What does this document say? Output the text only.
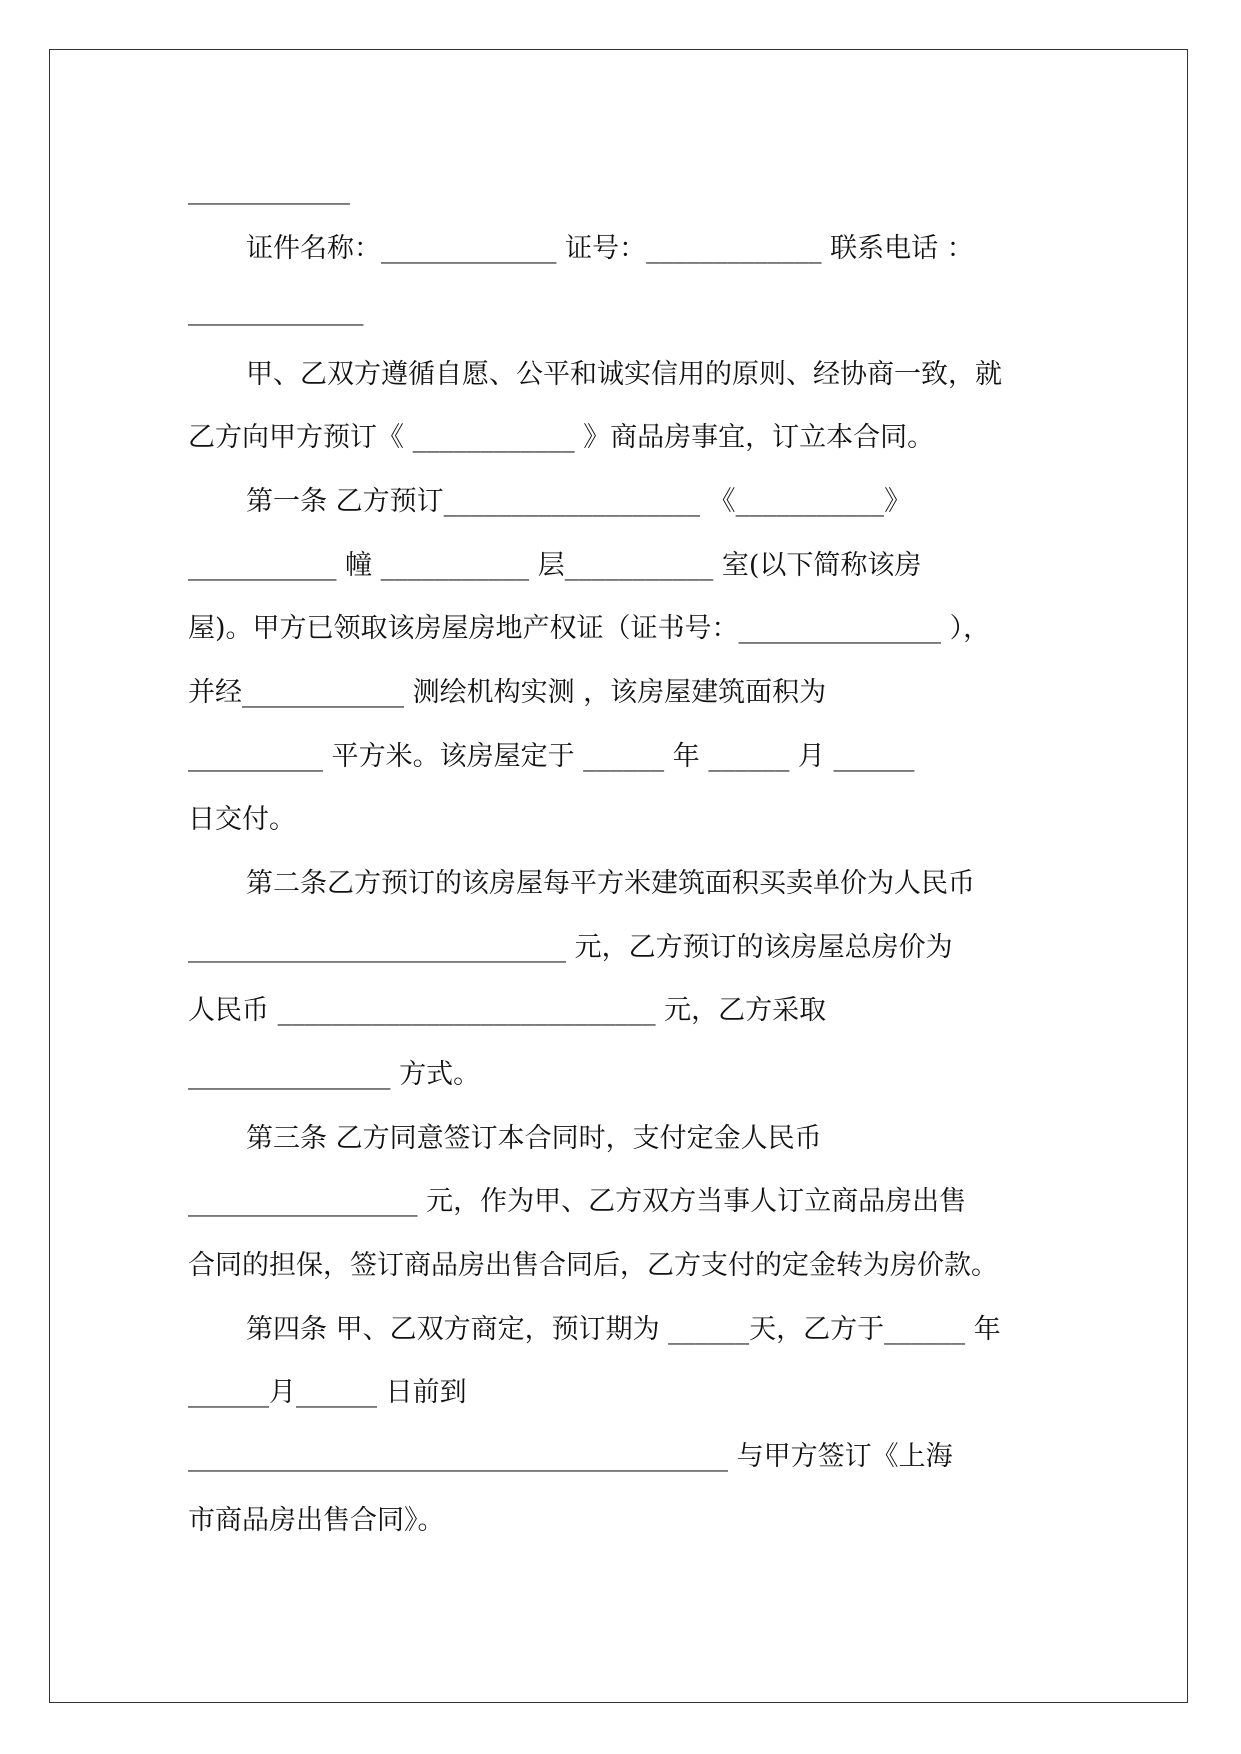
____________
证件名称：_____________ 证号：_____________ 联系电话 ：
_____________
甲、乙双方遵循自愿、公平和诚实信用的原则、经协商一致，就
乙方向甲方预订《 ____________ 》商品房事宜，订立本合同。
第一条 乙方预订___________________ 《___________》
___________ 幢 ___________ 层___________ 室(以下简称该房
屋)。甲方已领取该房屋房地产权证（证书号：_______________ ），
并经____________ 测绘机构实测 ，该房屋建筑面积为
__________ 平方米。该房屋定于 ______ 年 ______ 月 ______
日交付。
第二条乙方预订的该房屋每平方米建筑面积买卖单价为人民币
____________________________ 元，乙方预订的该房屋总房价为
人民币 ____________________________ 元，乙方采取
_______________ 方式。
第三条 乙方同意签订本合同时，支付定金人民币
_________________ 元，作为甲、乙方双方当事人订立商品房出售
合同的担保，签订商品房出售合同后，乙方支付的定金转为房价款。
第四条 甲、乙双方商定，预订期为 ______天，乙方于______ 年
______月______ 日前到
________________________________________ 与甲方签订《上海
市商品房出售合同》。
